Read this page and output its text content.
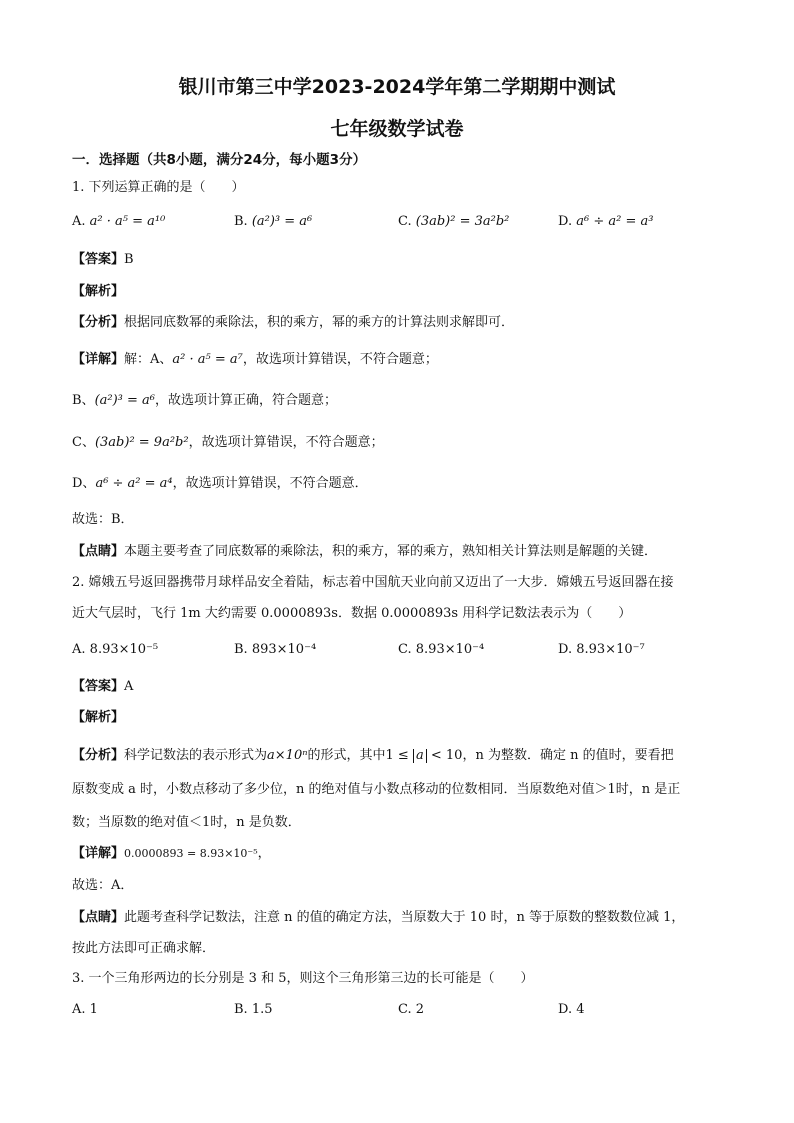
银川市第三中学2023-2024学年第二学期期中测试
七年级数学试卷
一．选择题（共8小题，满分24分，每小题3分）
1. 下列运算正确的是（　　）
A. a² · a⁵ = a¹⁰	B. (a²)³ = a⁶	C. (3ab)² = 3a²b²	D. a⁶ ÷ a² = a³
【答案】B
【解析】
【分析】根据同底数幂的乘除法，积的乘方，幂的乘方的计算法则求解即可．
【详解】解：A、a² · a⁵ = a⁷，故选项计算错误，不符合题意；
B、(a²)³ = a⁶，故选项计算正确，符合题意；
C、(3ab)² = 9a²b²，故选项计算错误，不符合题意；
D、a⁶ ÷ a² = a⁴，故选项计算错误，不符合题意．
故选：B．
【点睛】本题主要考查了同底数幂的乘除法，积的乘方，幂的乘方，熟知相关计算法则是解题的关键．
2. 嫦娥五号返回器携带月球样品安全着陆，标志着中国航天业向前又迈出了一大步．嫦娥五号返回器在接
近大气层时，飞行 1m 大约需要 0.0000893s．数据 0.0000893s 用科学记数法表示为（　　）
A. 8.93×10⁻⁵	B. 893×10⁻⁴	C. 8.93×10⁻⁴	D. 8.93×10⁻⁷
【答案】A
【解析】
【分析】科学记数法的表示形式为a×10ⁿ的形式，其中1 ≤ a < 10，n 为整数．确定 n 的值时，要看把
原数变成 a 时，小数点移动了多少位，n 的绝对值与小数点移动的位数相同．当原数绝对值＞1时，n 是正
数；当原数的绝对值＜1时，n 是负数．
【详解】0.0000893 = 8.93×10⁻⁵，
故选：A．
【点睛】此题考查科学记数法，注意 n 的值的确定方法，当原数大于 10 时，n 等于原数的整数数位减 1，
按此方法即可正确求解．
3. 一个三角形两边的长分别是 3 和 5，则这个三角形第三边的长可能是（　　）
A. 1	B. 1.5	C. 2	D. 4
